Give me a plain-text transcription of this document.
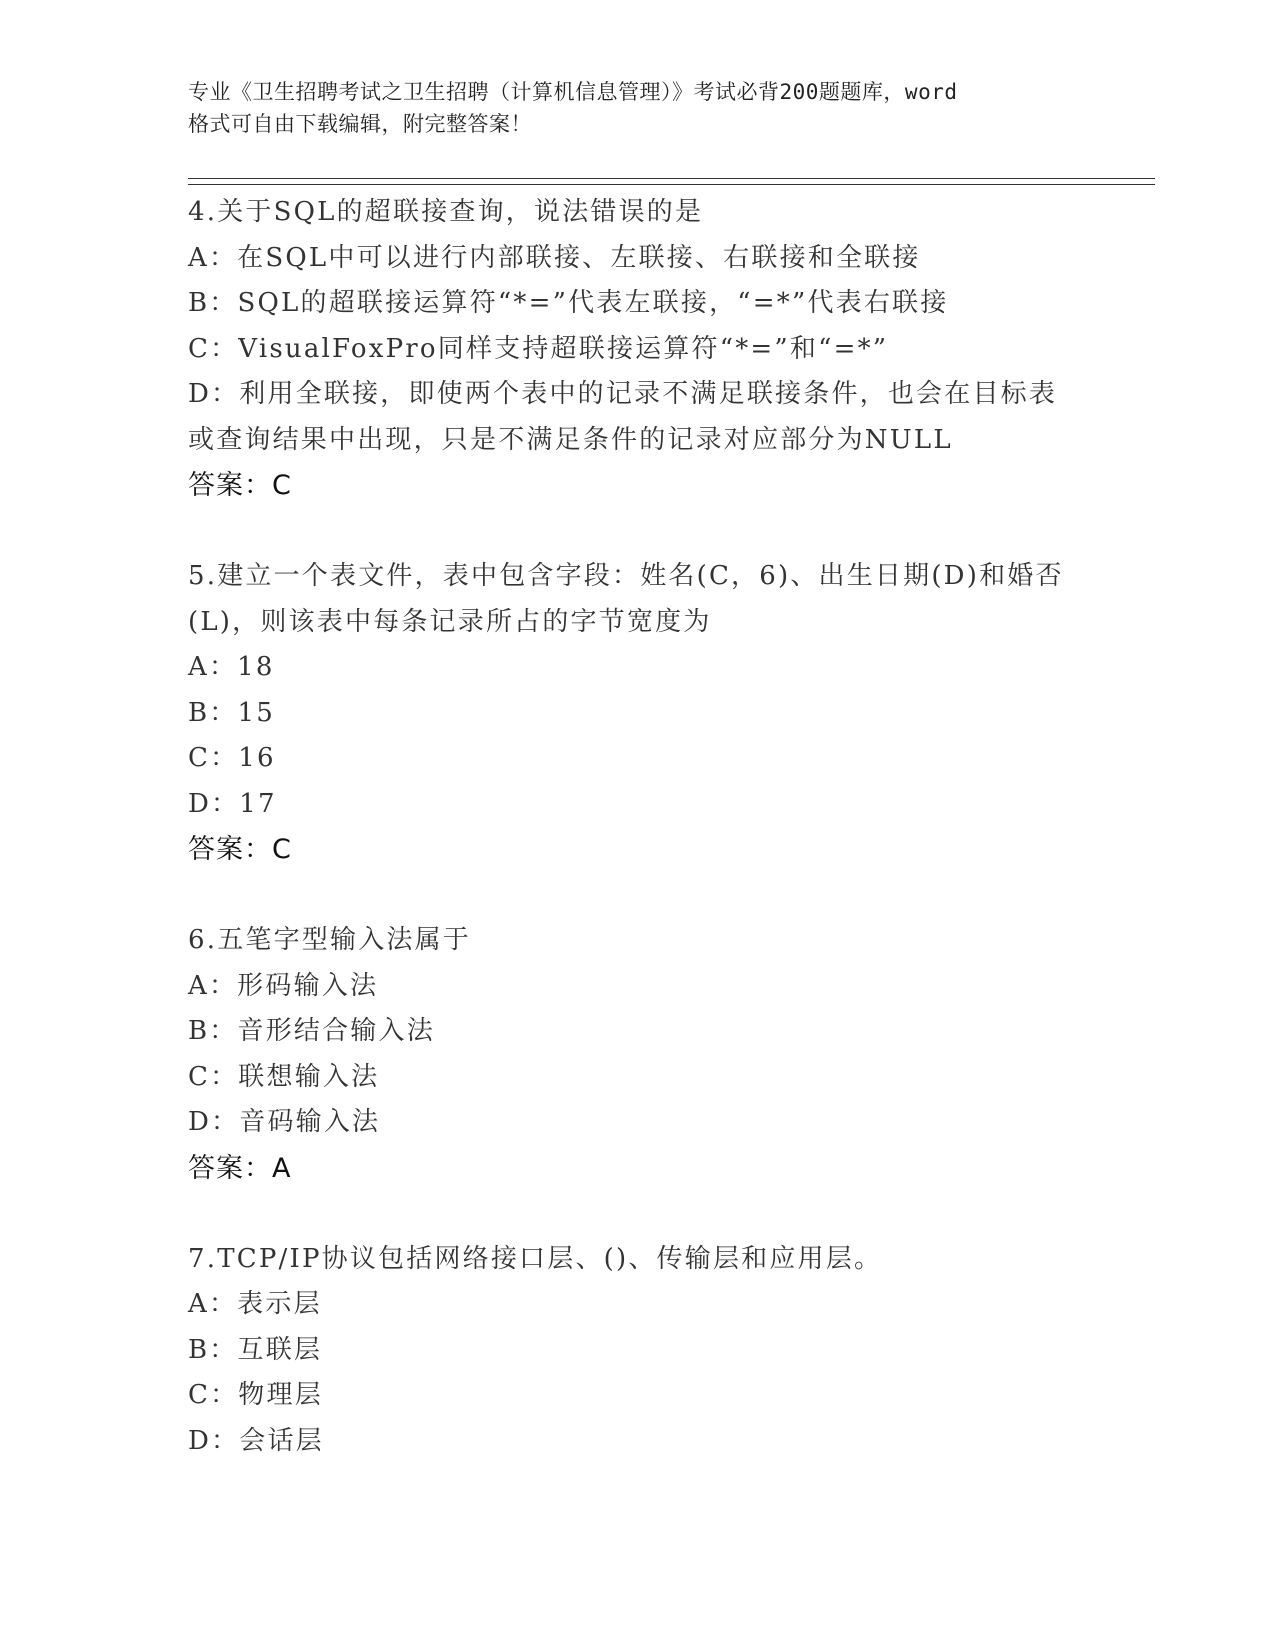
专业《卫生招聘考试之卫生招聘（计算机信息管理）》考试必背200题题库，word

格式可自由下载编辑，附完整答案！

4.关于SQL的超联接查询，说法错误的是
A：在SQL中可以进行内部联接、左联接、右联接和全联接
B：SQL的超联接运算符“*=”代表左联接，“=*”代表右联接
C：VisualFoxPro同样支持超联接运算符“*=”和“=*”
D：利用全联接，即使两个表中的记录不满足联接条件，也会在目标表
或查询结果中出现，只是不满足条件的记录对应部分为NULL
答案：C
5.建立一个表文件，表中包含字段：姓名(C，6)、出生日期(D)和婚否
(L)，则该表中每条记录所占的字节宽度为
A：18
B：15
C：16
D：17
答案：C
6.五笔字型输入法属于
A：形码输入法
B：音形结合输入法
C：联想输入法
D：音码输入法
答案：A
7.TCP/IP协议包括网络接口层、()、传输层和应用层。
A：表示层
B：互联层
C：物理层
D：会话层
